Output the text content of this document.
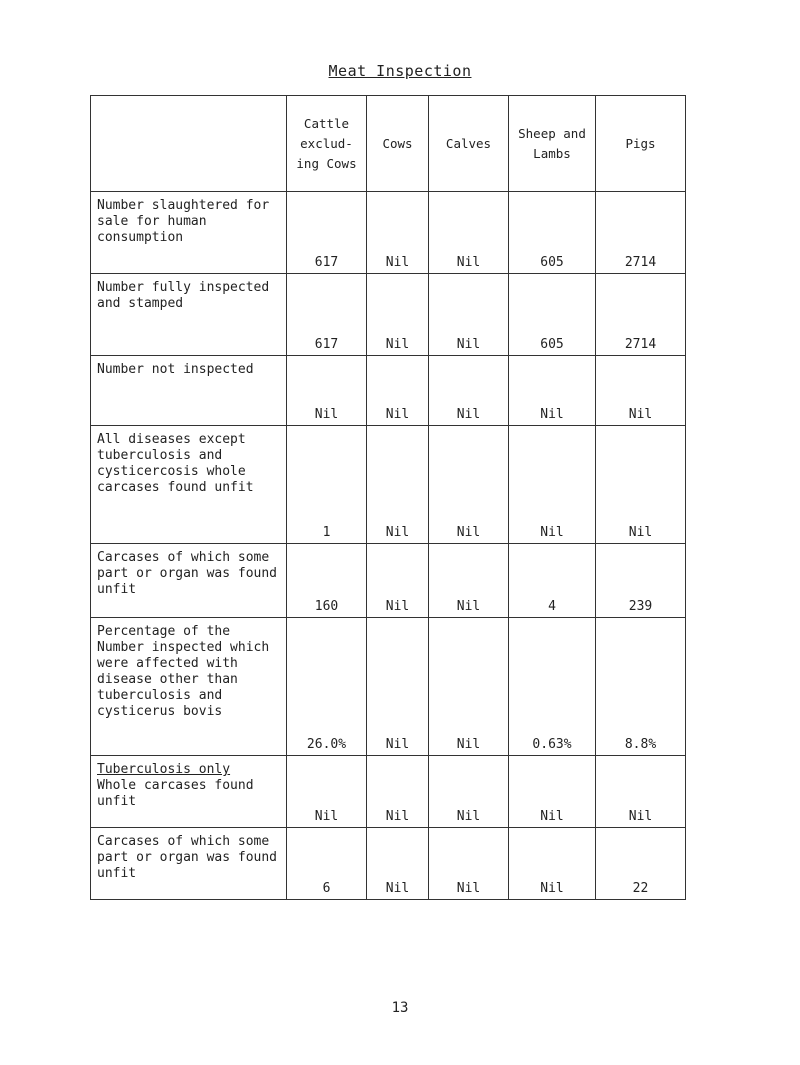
Meat Inspection
	Cattle exclud- ing Cows	Cows	Calves	Sheep and Lambs	Pigs
Number slaughtered for sale for human consumption	617	Nil	Nil	605	2714
Number fully inspected and stamped	617	Nil	Nil	605	2714
Number not inspected	Nil	Nil	Nil	Nil	Nil
All diseases except tuberculosis and cysticercosis whole carcases found unfit	1	Nil	Nil	Nil	Nil
Carcases of which some part or organ was found unfit	160	Nil	Nil	4	239
Percentage of the Number inspected which were affected with disease other than tuberculosis and cysticerus bovis	26.0%	Nil	Nil	0.63%	8.8%
Tuberculosis only
Whole carcases found unfit	Nil	Nil	Nil	Nil	Nil
Carcases of which some part or organ was found unfit	6	Nil	Nil	Nil	22
13
